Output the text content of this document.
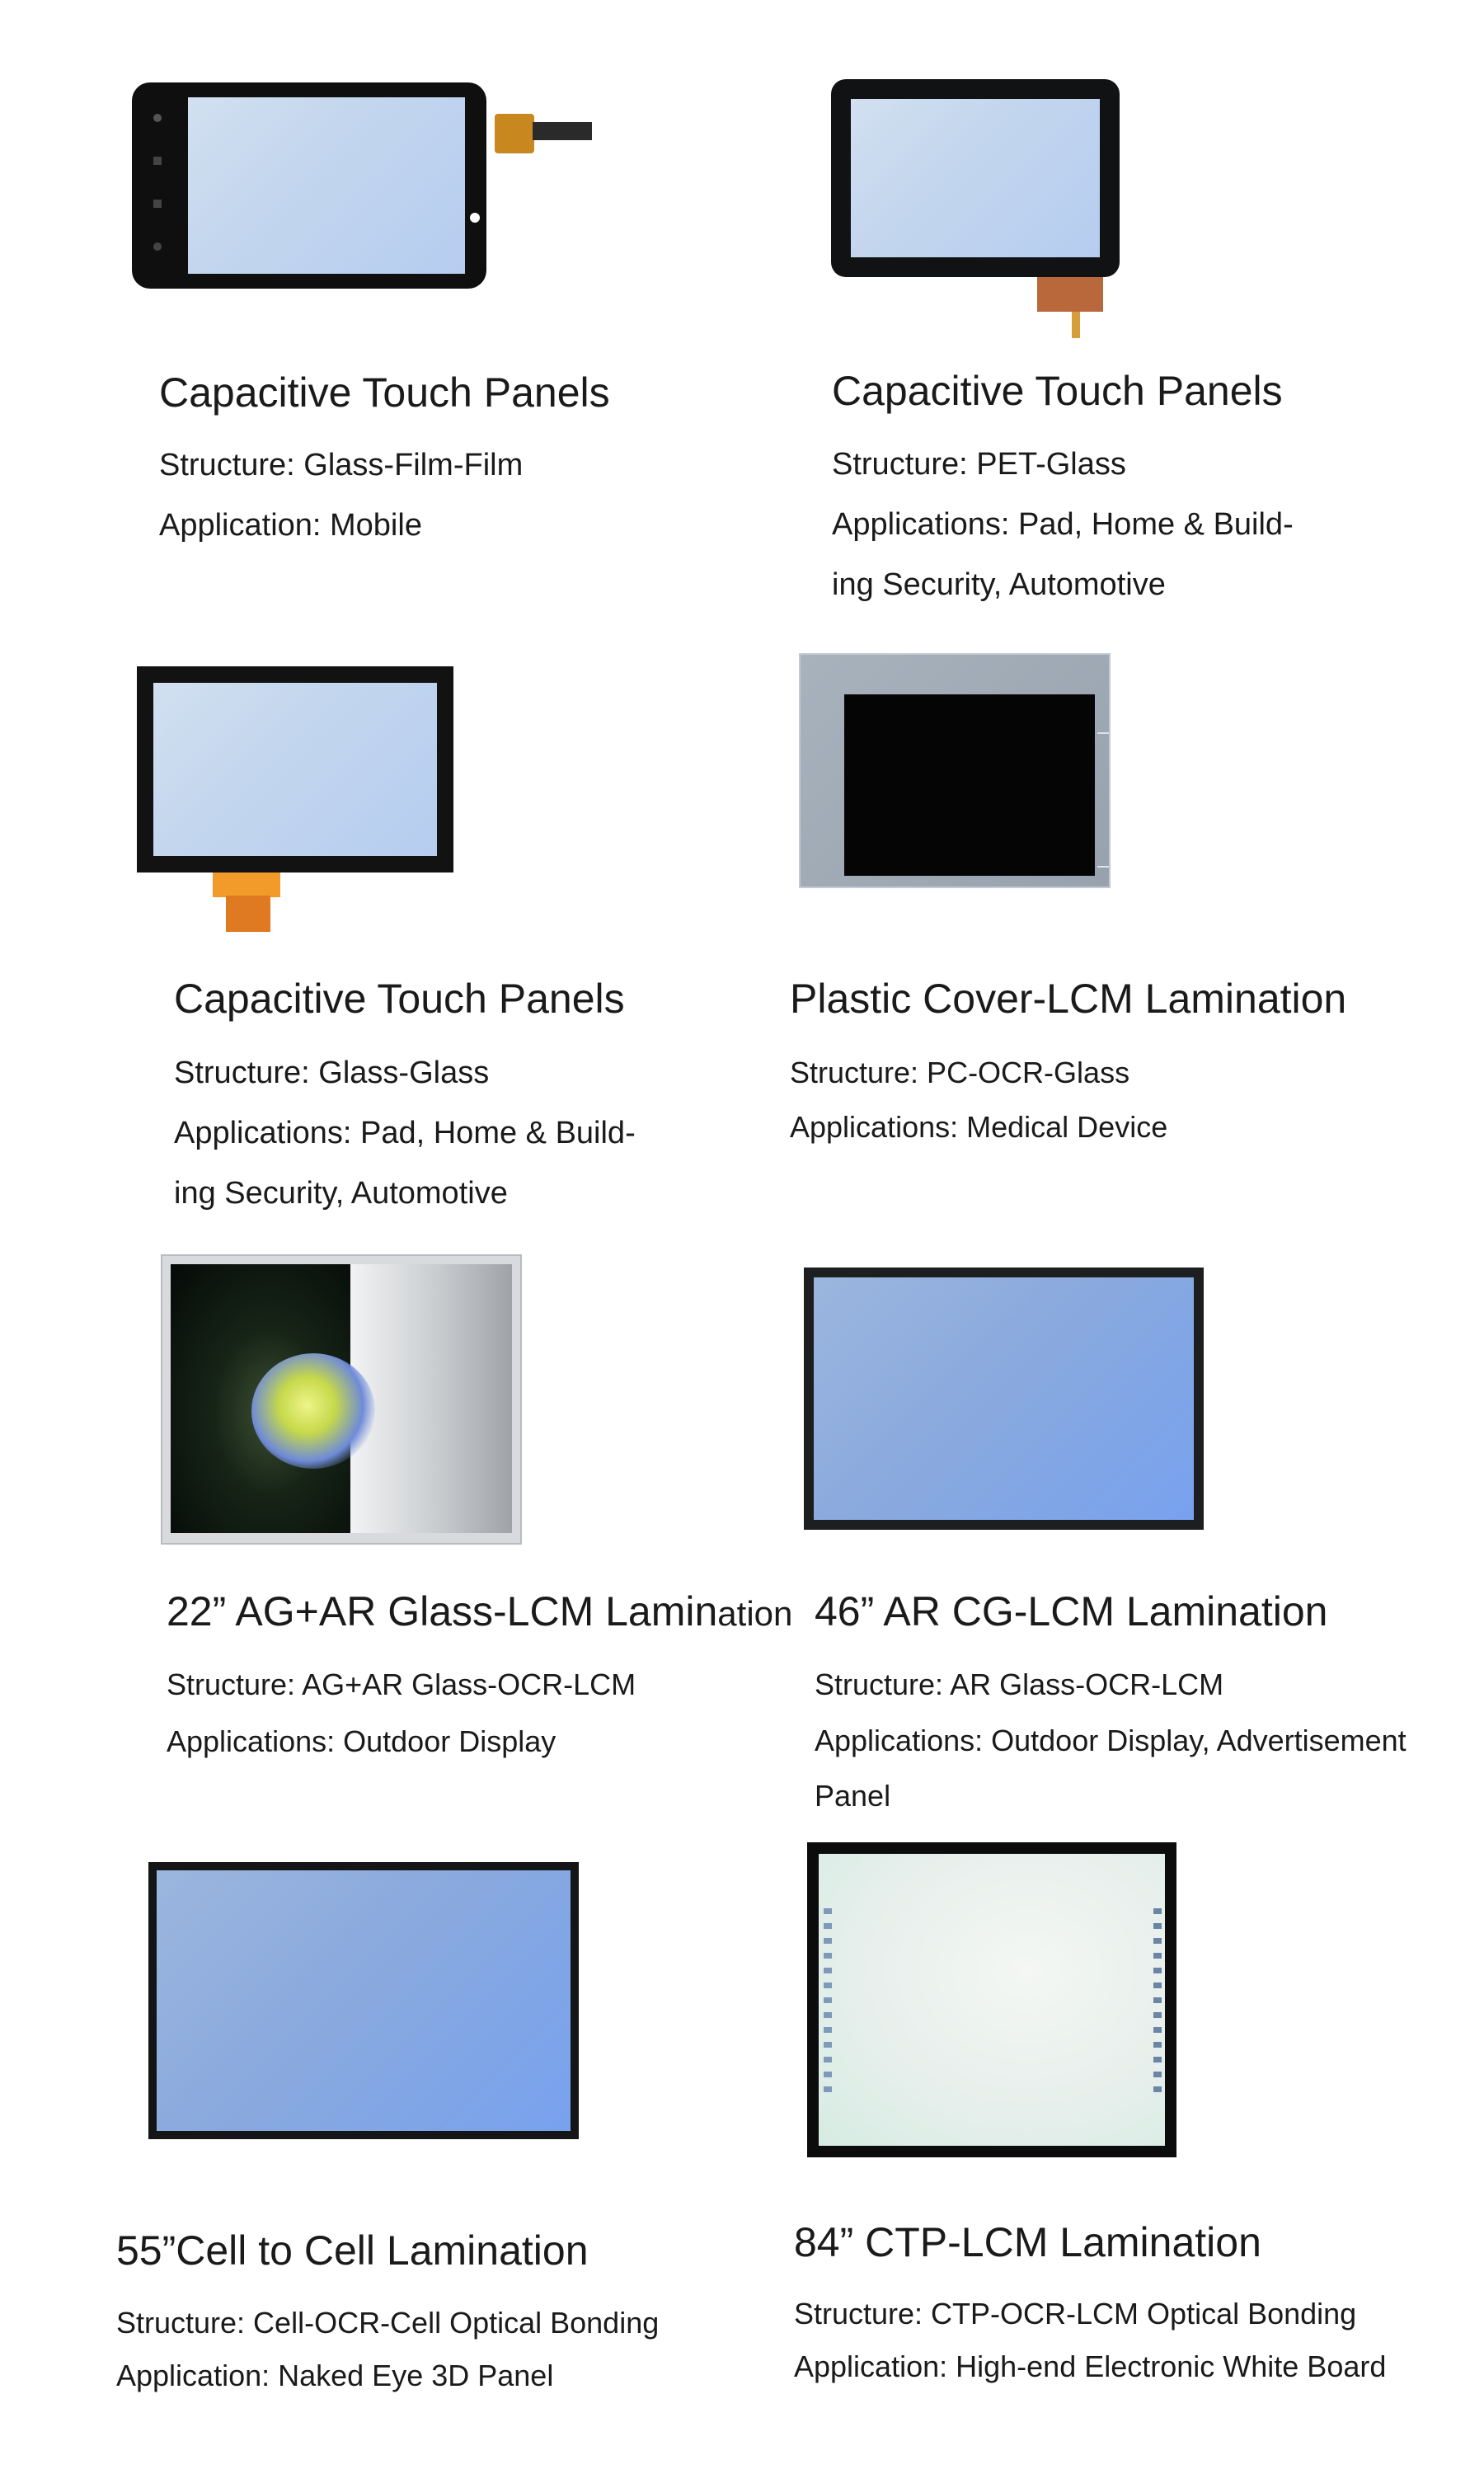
Capacitive Touch Panels
Structure: Glass-Film-Film
Application: Mobile
Capacitive Touch Panels
Structure: PET-Glass
Applications: Pad, Home & Build-
ing Security, Automotive
Capacitive Touch Panels
Structure: Glass-Glass
Applications: Pad, Home & Build-
ing Security, Automotive
Plastic Cover-LCM Lamination
Structure: PC-OCR-Glass
Applications: Medical Device
22” AG+AR Glass-LCM Lamination
Structure: AG+AR Glass-OCR-LCM
Applications: Outdoor Display
46” AR CG-LCM Lamination
Structure: AR Glass-OCR-LCM
Applications: Outdoor Display, Advertisement
Panel
55”Cell to Cell Lamination
Structure: Cell-OCR-Cell Optical Bonding
Application: Naked Eye 3D Panel
84” CTP-LCM Lamination
Structure: CTP-OCR-LCM Optical Bonding
Application: High-end Electronic White Board
